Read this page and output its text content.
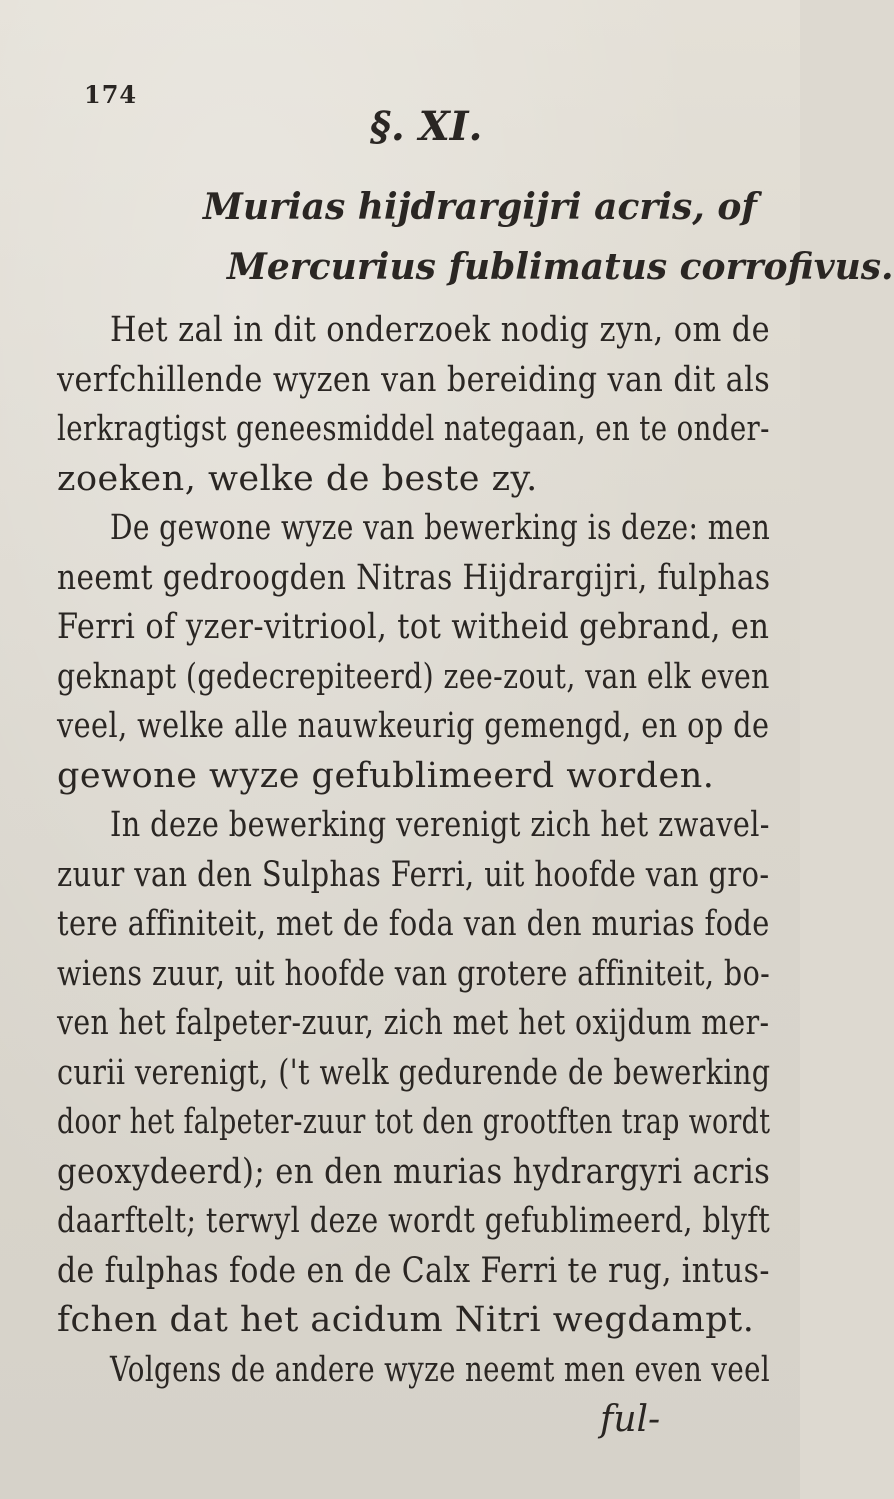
174
§. XI.
Murias hijdrargijri acris, of
Mercurius fublimatus corrofivus.
Het zal in dit onderzoek nodig zyn, om de
verfchillende wyzen van bereiding van dit als
lerkragtigst geneesmiddel nategaan, en te onder-
zoeken, welke de beste zy.
De gewone wyze van bewerking is deze: men
neemt gedroogden Nitras Hijdrargijri, fulphas
Ferri of yzer-vitriool, tot witheid gebrand, en
geknapt (gedecrepiteerd) zee-zout, van elk even
veel, welke alle nauwkeurig gemengd, en op de
gewone wyze gefublimeerd worden.
In deze bewerking verenigt zich het zwavel-
zuur van den Sulphas Ferri, uit hoofde van gro-
tere affiniteit, met de foda van den murias fode
wiens zuur, uit hoofde van grotere affiniteit, bo-
ven het falpeter-zuur, zich met het oxijdum mer-
curii verenigt, ('t welk gedurende de bewerking
door het falpeter-zuur tot den grootften trap wordt
geoxydeerd); en den murias hydrargyri acris
daarftelt; terwyl deze wordt gefublimeerd, blyft
de fulphas fode en de Calx Ferri te rug, intus-
fchen dat het acidum Nitri wegdampt.
Volgens de andere wyze neemt men even veel
ful-
